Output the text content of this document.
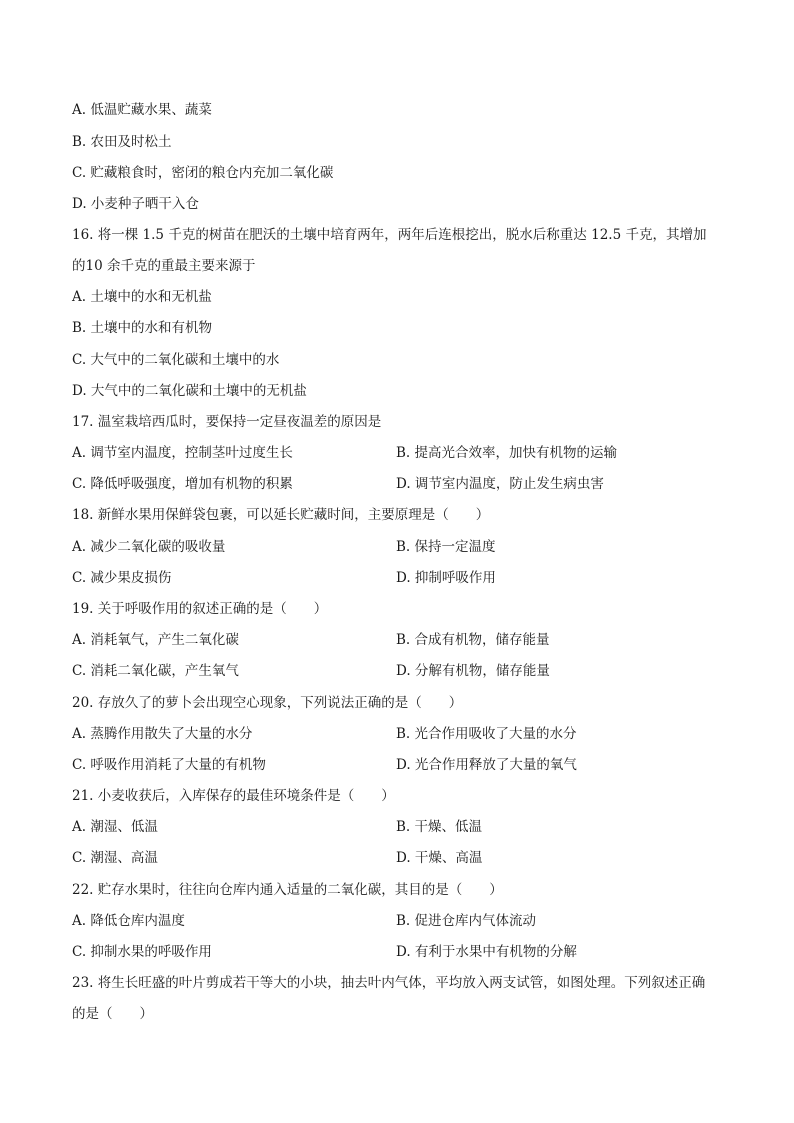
A. 低温贮藏水果、蔬菜
B. 农田及时松土
C. 贮藏粮食时，密闭的粮仓内充加二氧化碳
D. 小麦种子晒干入仓
16. 将一棵 1.5 千克的树苗在肥沃的土壤中培育两年，两年后连根挖出，脱水后称重达 12.5 千克，其增加
的10 余千克的重最主要来源于
A. 土壤中的水和无机盐
B. 土壤中的水和有机物
C. 大气中的二氧化碳和土壤中的水
D. 大气中的二氧化碳和土壤中的无机盐
17. 温室栽培西瓜时，要保持一定昼夜温差的原因是
A. 调节室内温度，控制茎叶过度生长	B. 提高光合效率，加快有机物的运输
C. 降低呼吸强度，增加有机物的积累	D. 调节室内温度，防止发生病虫害
18. 新鲜水果用保鲜袋包裹，可以延长贮藏时间，主要原理是（　　）
A. 减少二氧化碳的吸收量	B. 保持一定温度
C. 减少果皮损伤	D. 抑制呼吸作用
19. 关于呼吸作用的叙述正确的是（　　）
A. 消耗氧气，产生二氧化碳	B. 合成有机物，储存能量
C. 消耗二氧化碳，产生氧气	D. 分解有机物，储存能量
20. 存放久了的萝卜会出现空心现象，下列说法正确的是（　　）
A. 蒸腾作用散失了大量的水分	B. 光合作用吸收了大量的水分
C. 呼吸作用消耗了大量的有机物	D. 光合作用释放了大量的氧气
21. 小麦收获后，入库保存的最佳环境条件是（　　）
A. 潮湿、低温	B. 干燥、低温
C. 潮湿、高温	D. 干燥、高温
22. 贮存水果时，往往向仓库内通入适量的二氧化碳，其目的是（　　）
A. 降低仓库内温度	B. 促进仓库内气体流动
C. 抑制水果的呼吸作用	D. 有利于水果中有机物的分解
23. 将生长旺盛的叶片剪成若干等大的小块，抽去叶内气体，平均放入两支试管，如图处理。下列叙述正确
的是（　　）
